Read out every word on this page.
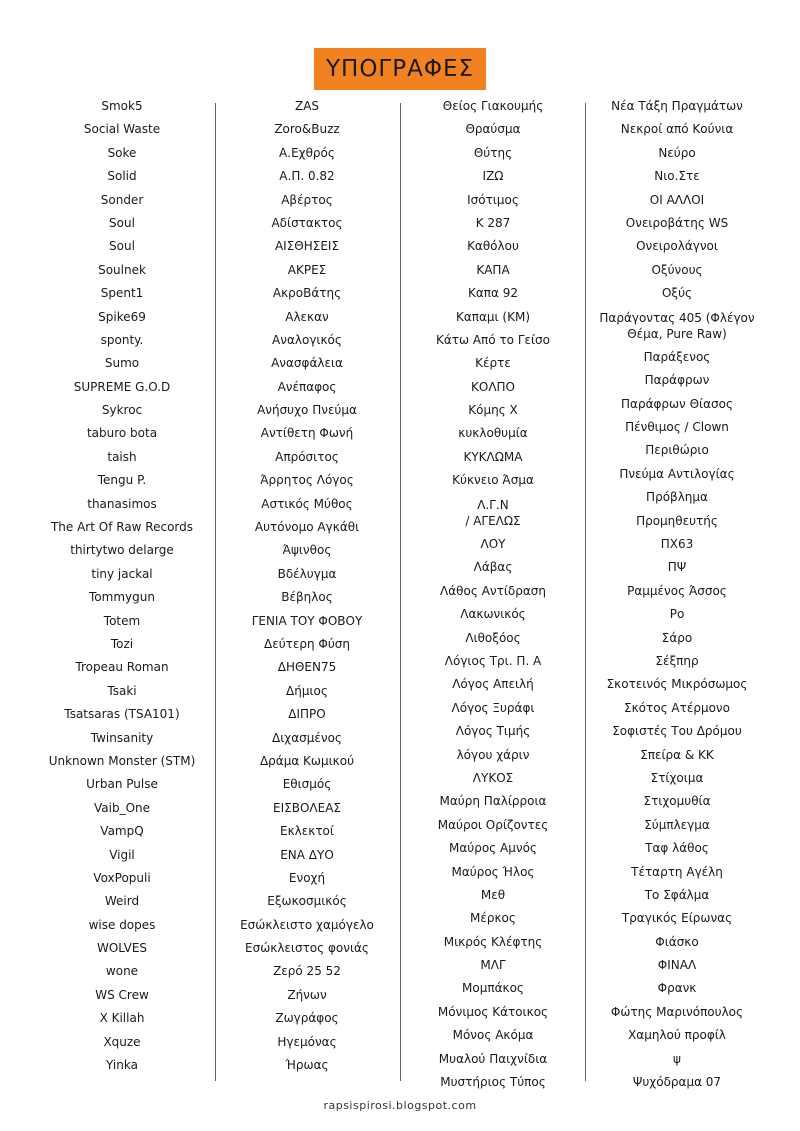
ΥΠΟΓΡΑΦΕΣ
Smok5
Social Waste
Soke
Solid
Sonder
Soul
Soul
Soulnek
Spent1
Spike69
sponty.
Sumo
SUPREME G.O.D
Sykroc
taburo bota
taish
Tengu P.
thanasimos
The Art Of Raw Records
thirtytwo delarge
tiny jackal
Tommygun
Totem
Tozi
Tropeau Roman
Tsaki
Tsatsaras (TSA101)
Twinsanity
Unknown Monster (STM)
Urban Pulse
Vaib_One
VampQ
Vigil
VoxPopuli
Weird
wise dopes
WOLVES
wone
WS Crew
X Killah
Xquze
Yinka
ZAS
Zoro&Buzz
Α.Εχθρός
Α.Π. 0.82
Αβέρτος
Αδίστακτος
ΑΙΣΘΗΣΕΙΣ
ΑΚΡΕΣ
ΑκροΒάτης
Αλεκαν
Αναλογικός
Ανασφάλεια
Ανέπαφος
Ανήσυχο Πνεύμα
Αντίθετη Φωνή
Απρόσιτος
Άρρητος Λόγος
Αστικός Μύθος
Αυτόνομο Αγκάθι
Άψινθος
Βδέλυγμα
Βέβηλος
ΓΕΝΙΑ ΤΟΥ ΦΟΒΟΥ
Δεύτερη Φύση
ΔΗΘΕΝ75
Δήμιος
ΔΙΠΡΟ
Διχασμένος
Δράμα Κωμικού
Εθισμός
ΕΙΣΒΟΛΕΑΣ
Εκλεκτοί
ΕΝΑ ΔΥΟ
Ενοχή
Εξωκοσμικός
Εσώκλειστο χαμόγελο
Εσώκλειστος φονιάς
Ζερό 25 52
Ζήνων
Ζωγράφος
Ηγεμόνας
Ήρωας
Θείος Γιακουμής
Θραύσμα
Θύτης
ΙΖΩ
Ισότιμος
Κ 287
Καθόλου
ΚΑΠΑ
Καπα 92
Καπαμι (ΚΜ)
Κάτω Από το Γείσο
Κέρτε
ΚΟΛΠΟ
Κόμης Χ
κυκλοθυμία
ΚΥΚΛΩΜΑ
Κύκνειο Άσμα
Λ.Γ.Ν
/ ΑΓΕΛΩΣ
ΛΟΥ
Λάβας
Λάθος Αντίδραση
Λακωνικός
Λιθοξόος
Λόγιος Τρι. Π. Α
Λόγος Απειλή
Λόγος Ξυράφι
Λόγος Τιμής
λόγου χάριν
ΛΥΚΟΣ
Μαύρη Παλίρροια
Μαύροι Ορίζοντες
Μαύρος Αμνός
Μαύρος Ήλος
Μεθ
Μέρκος
Μικρός Κλέφτης
ΜΛΓ
Μομπάκος
Μόνιμος Κάτοικος
Μόνος Ακόμα
Μυαλού Παιχνίδια
Μυστήριος Τύπος
Νέα Τάξη Πραγμάτων
Νεκροί από Κούνια
Νεύρο
Νιο.Στε
ΟΙ ΑΛΛΟΙ
Ονειροβάτης WS
Ονειρολάγνοι
Οξύνους
Οξύς
Παράγοντας 405 (Φλέγον
Θέμα, Pure Raw)
Παράξενος
Παράφρων
Παράφρων Θίασος
Πένθιμος / Clown
Περιθώριο
Πνεύμα Αντιλογίας
Πρόβλημα
Προμηθευτής
ΠΧ63
ΠΨ
Ραμμένος Άσσος
Ρο
Σάρο
Σέξπηρ
Σκοτεινός Μικρόσωμος
Σκότος Ατέρμονο
Σοφιστές Του Δρόμου
Σπείρα & ΚΚ
Στίχοιμα
Στιχομυθία
Σύμπλεγμα
Ταφ λάθος
Τέταρτη Αγέλη
Το Σφάλμα
Τραγικός Είρωνας
Φιάσκο
ΦΙΝΑΛ
Φρανκ
Φώτης Μαρινόπουλος
Χαμηλού προφίλ
ψ
Ψυχόδραμα 07
rapsispirosi.blogspot.com
